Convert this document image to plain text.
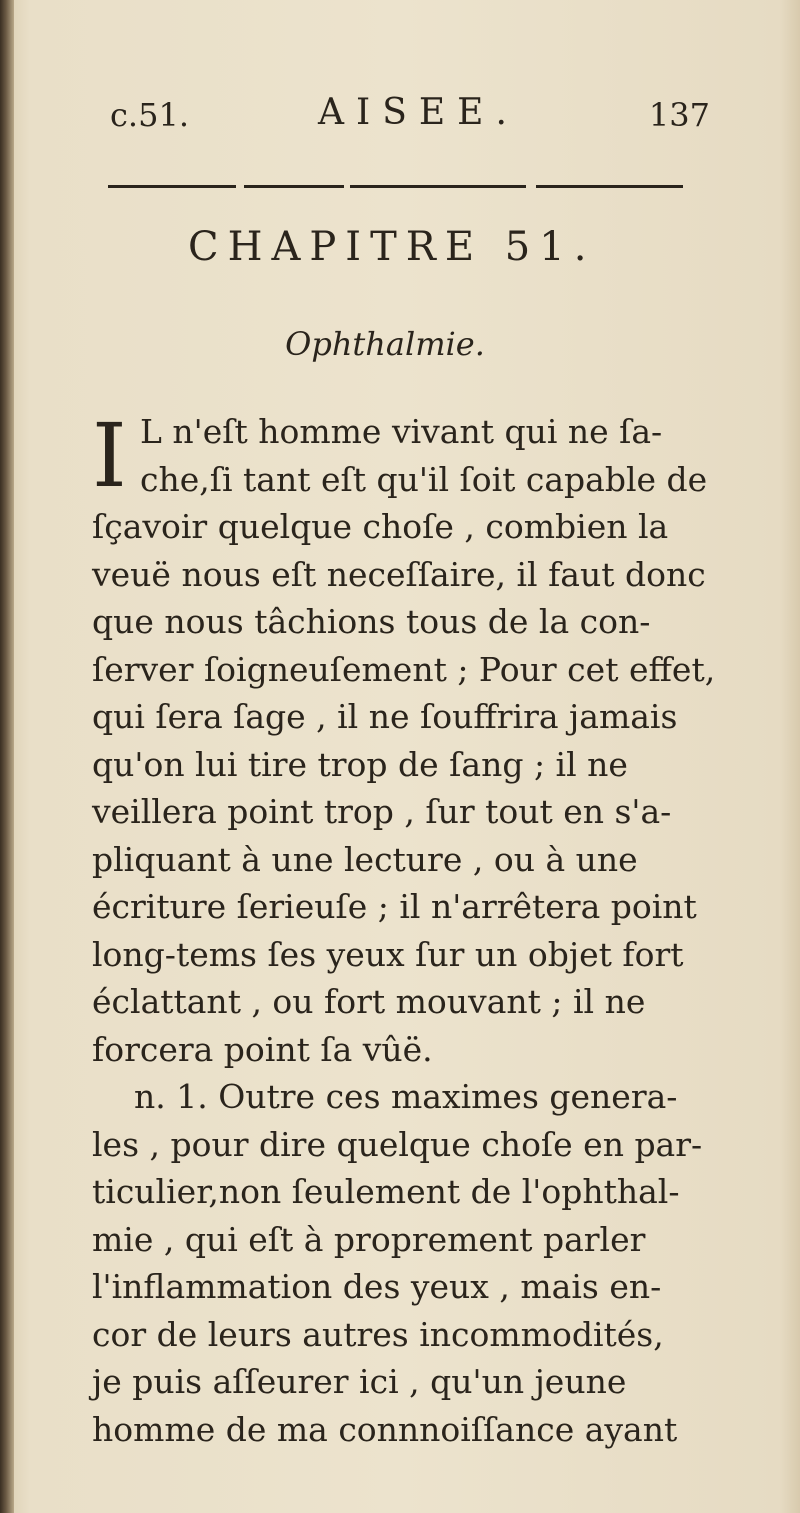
c.51.	AISEE.	137
CHAPITRE 51.
Ophthalmie.
I L n'eſt homme vivant qui ne ſa-
che,ſi tant eſt qu'il ſoit capable de
ſçavoir quelque choſe , combien la
veuë nous eſt neceſſaire, il faut donc
que nous tâchions tous de la con-
ſerver ſoigneuſement ; Pour cet effet,
qui ſera ſage , il ne ſouffrira jamais
qu'on lui tire trop de ſang ; il ne
veillera point trop , ſur tout en s'a-
pliquant à une lecture , ou à une
écriture ſerieuſe ; il n'arrêtera point
long-tems ſes yeux ſur un objet fort
éclattant , ou fort mouvant ; il ne
forcera point ſa vûë.
n. 1. Outre ces maximes genera-
les , pour dire quelque choſe en par-
ticulier,non ſeulement de l'ophthal-
mie , qui eſt à proprement parler
l'inflammation des yeux , mais en-
cor de leurs autres incommodités,
je puis aſſeurer ici , qu'un jeune
homme de ma connnoiſſance ayant
